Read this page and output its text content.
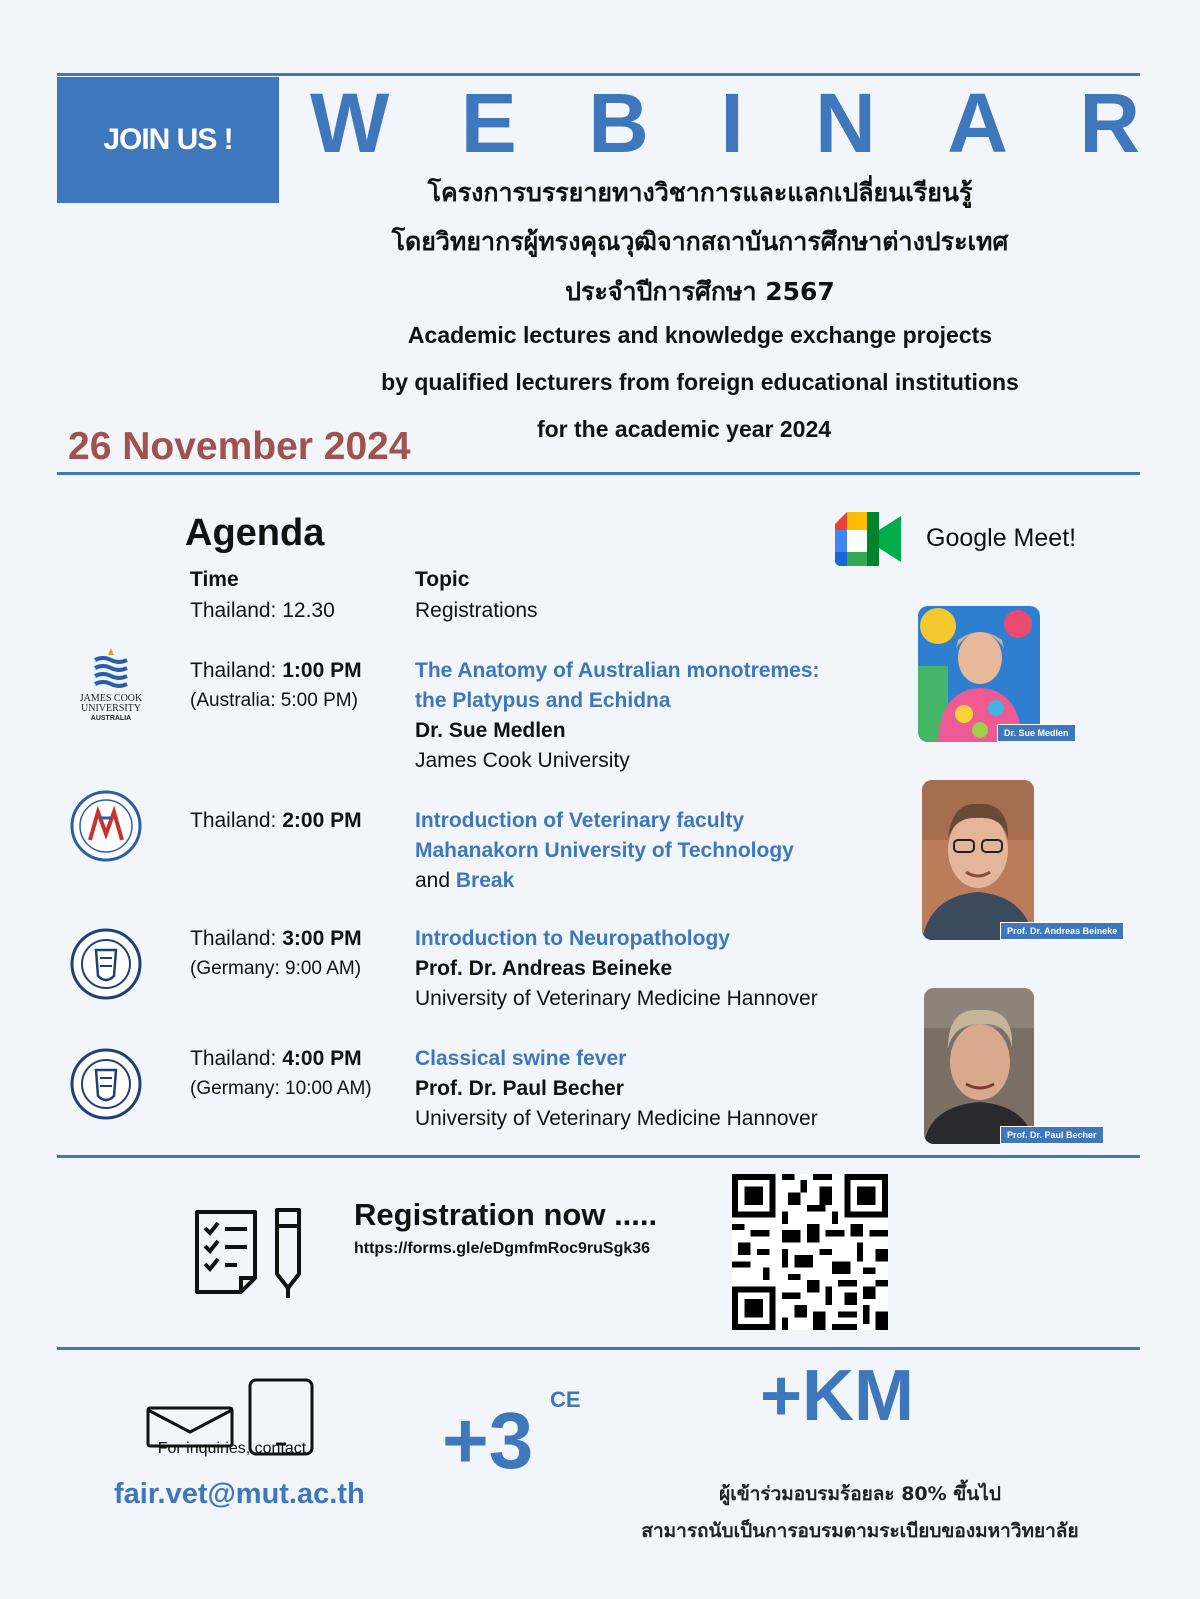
JOIN US ! W E B I N A R
โครงการบรรยายทางวิชาการและแลกเปลี่ยนเรียนรู้
โดยวิทยากรผู้ทรงคุณวุฒิจากสถาบันการศึกษาต่างประเทศ
ประจำปีการศึกษา 2567
Academic lectures and knowledge exchange projects
by qualified lecturers from foreign educational institutions
for the academic year 2024
26 November 2024
Agenda	Google Meet!
Time	Topic
Thailand: 12.30	Registrations
JAMES COOK
UNIVERSITY
AUSTRALIA
Thailand: 1:00 PM
(Australia: 5:00 PM)
The Anatomy of Australian monotremes:
the Platypus and Echidna
Dr. Sue Medlen
James Cook University
Dr. Sue Medlen
Thailand: 2:00 PM	Introduction of Veterinary faculty
Mahanakorn University of Technology
and Break
Prof. Dr. Andreas Beineke
Thailand: 3:00 PM
(Germany: 9:00 AM)
Introduction to Neuropathology
Prof. Dr. Andreas Beineke
University of Veterinary Medicine Hannover
Thailand: 4:00 PM
(Germany: 10:00 AM)
Classical swine fever
Prof. Dr. Paul Becher
University of Veterinary Medicine Hannover
Prof. Dr. Paul Becher
Registration now .....
https://forms.gle/eDgmfmRoc9ruSgk36
For inquiries, contact
fair.vet@mut.ac.th
+3 CE +KM
ผู้เข้าร่วมอบรมร้อยละ 80% ขึ้นไป
สามารถนับเป็นการอบรมตามระเบียบของมหาวิทยาลัย
